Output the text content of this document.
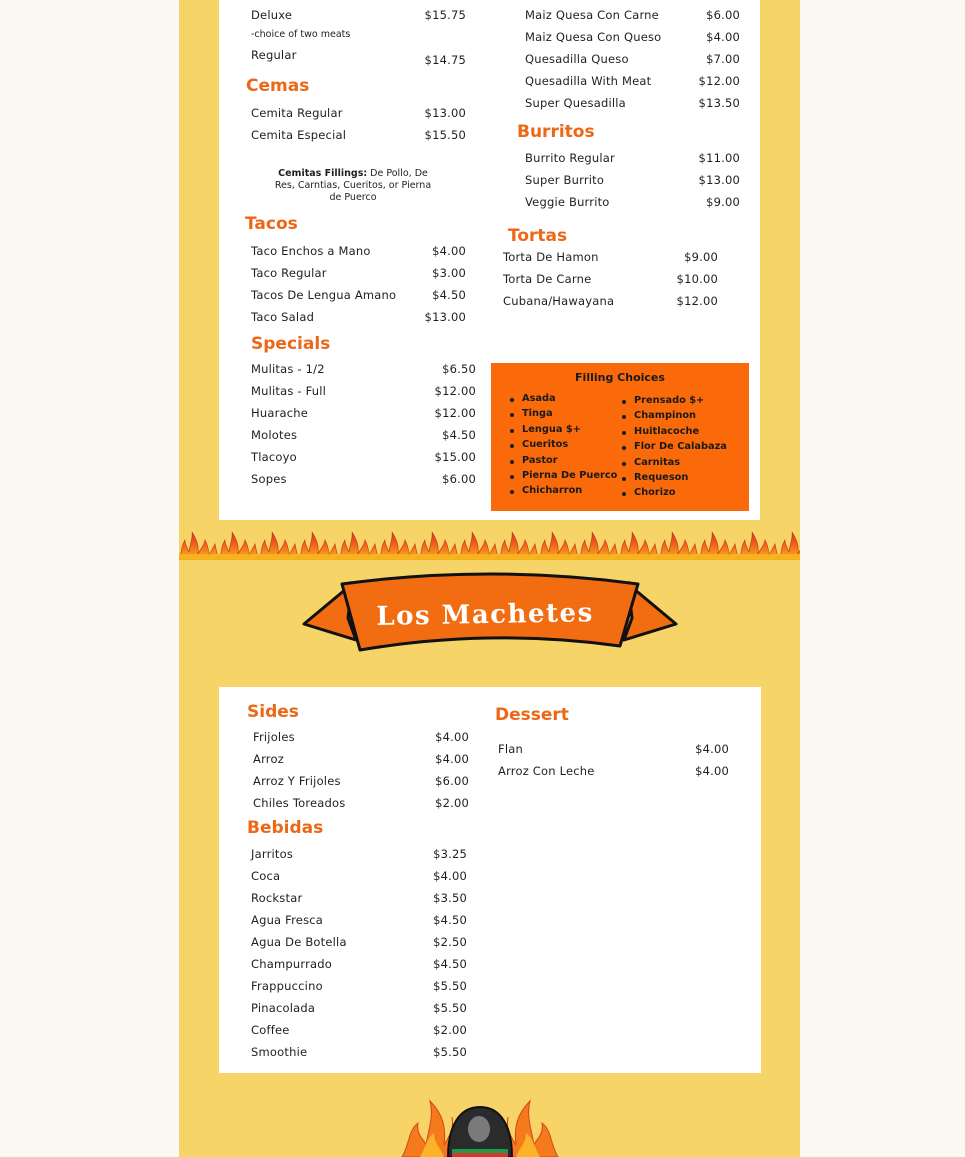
Deluxe	$15.75
-choice of two meats
Regular	$14.75
Cemas
Cemita Regular	$13.00
Cemita Especial	$15.50
Cemitas Fillings: De Pollo, De Res, Carntias, Cueritos, or Pierna de Puerco
Tacos
Taco Enchos a Mano	$4.00
Taco Regular	$3.00
Tacos De Lengua Amano	$4.50
Taco Salad	$13.00
Specials
Mulitas - 1/2	$6.50
Mulitas - Full	$12.00
Huarache	$12.00
Molotes	$4.50
Tlacoyo	$15.00
Sopes	$6.00
Maiz Quesa Con Carne	$6.00
Maiz Quesa Con Queso	$4.00
Quesadilla Queso	$7.00
Quesadilla With Meat	$12.00
Super Quesadilla	$13.50
Burritos
Burrito Regular	$11.00
Super Burrito	$13.00
Veggie Burrito	$9.00
Tortas
Torta De Hamon	$9.00
Torta De Carne	$10.00
Cubana/Hawayana	$12.00
Filling Choices
Asada
Tinga
Lengua $+
Cueritos
Pastor
Pierna De Puerco
Chicharron
Prensado $+
Champinon
Huitlacoche
Flor De Calabaza
Carnitas
Requeson
Chorizo
Los Machetes
Sides
Frijoles	$4.00
Arroz	$4.00
Arroz Y Frijoles	$6.00
Chiles Toreados	$2.00
Bebidas
Jarritos	$3.25
Coca	$4.00
Rockstar	$3.50
Agua Fresca	$4.50
Agua De Botella	$2.50
Champurrado	$4.50
Frappuccino	$5.50
Pinacolada	$5.50
Coffee	$2.00
Smoothie	$5.50
Dessert
Flan	$4.00
Arroz Con Leche	$4.00
